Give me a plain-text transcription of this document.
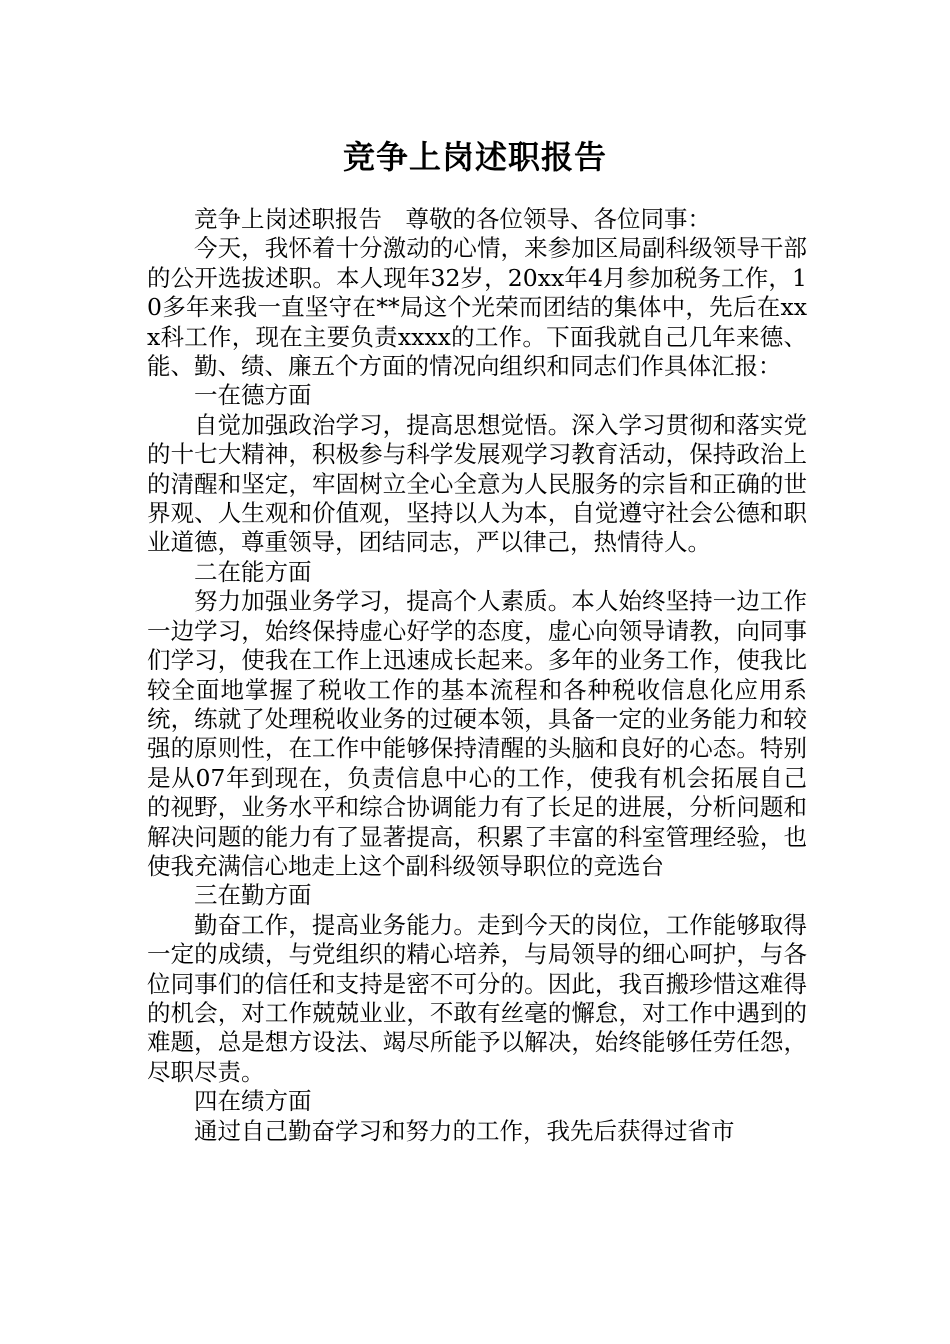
竞争上岗述职报告

竞争上岗述职报告　尊敬的各位领导、各位同事：

今天，我怀着十分激动的心情，来参加区局副科级领导干部的公开选拔述职。本人现年32岁，20xx年4月参加税务工作，10多年来我一直坚守在**局这个光荣而团结的集体中，先后在xxx科工作，现在主要负责xxxx的工作。下面我就自己几年来德、能、勤、绩、廉五个方面的情况向组织和同志们作具体汇报：

一在德方面

自觉加强政治学习，提高思想觉悟。深入学习贯彻和落实党的十七大精神，积极参与科学发展观学习教育活动，保持政治上的清醒和坚定，牢固树立全心全意为人民服务的宗旨和正确的世界观、人生观和价值观，坚持以人为本，自觉遵守社会公德和职业道德，尊重领导，团结同志，严以律己，热情待人。

二在能方面

努力加强业务学习，提高个人素质。本人始终坚持一边工作一边学习，始终保持虚心好学的态度，虚心向领导请教，向同事们学习，使我在工作上迅速成长起来。多年的业务工作，使我比较全面地掌握了税收工作的基本流程和各种税收信息化应用系统，练就了处理税收业务的过硬本领，具备一定的业务能力和较强的原则性，在工作中能够保持清醒的头脑和良好的心态。特别是从07年到现在，负责信息中心的工作，使我有机会拓展自己的视野，业务水平和综合协调能力有了长足的进展，分析问题和解决问题的能力有了显著提高，积累了丰富的科室管理经验，也使我充满信心地走上这个副科级领导职位的竞选台

三在勤方面

勤奋工作，提高业务能力。走到今天的岗位，工作能够取得一定的成绩，与党组织的精心培养，与局领导的细心呵护，与各位同事们的信任和支持是密不可分的。因此，我百搬珍惜这难得的机会，对工作兢兢业业，不敢有丝毫的懈怠，对工作中遇到的难题，总是想方设法、竭尽所能予以解决，始终能够任劳任怨，尽职尽责。

四在绩方面

通过自己勤奋学习和努力的工作，我先后获得过省市
